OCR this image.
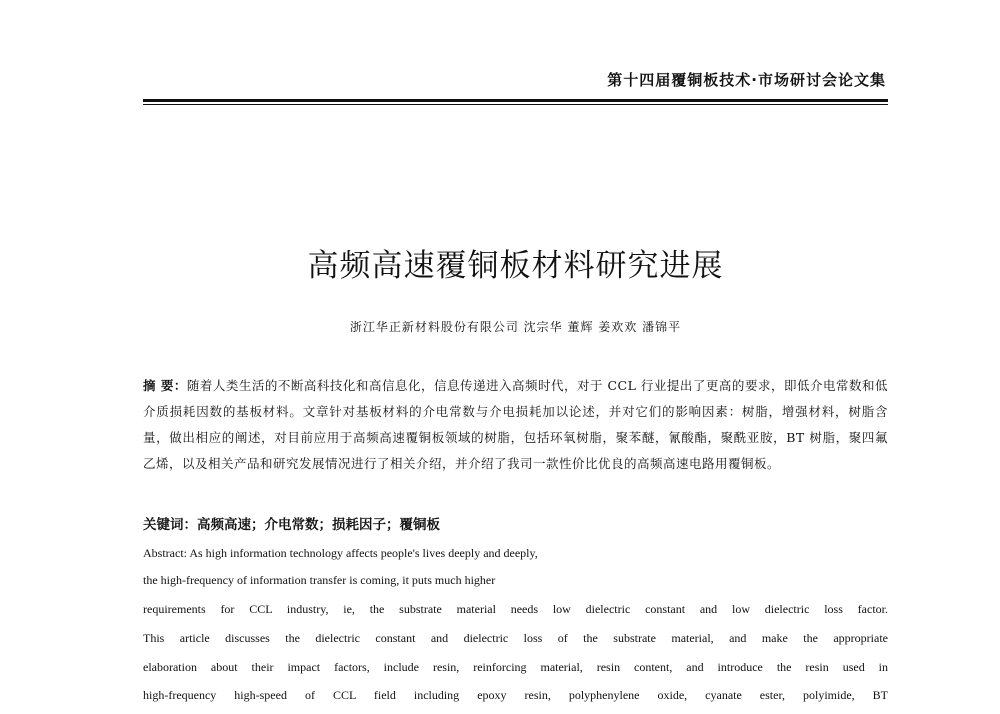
第十四届覆铜板技术·市场研讨会论文集
高频高速覆铜板材料研究进展
浙江华正新材料股份有限公司 沈宗华 董辉 姜欢欢 潘锦平
摘 要：随着人类生活的不断高科技化和高信息化，信息传递进入高频时代，对于 CCL 行业提出了更高的要求，即低介电常数和低介质损耗因数的基板材料。文章针对基板材料的介电常数与介电损耗加以论述，并对它们的影响因素：树脂，增强材料，树脂含量，做出相应的阐述，对目前应用于高频高速覆铜板领域的树脂，包括环氧树脂，聚苯醚，氰酸酯，聚酰亚胺，BT 树脂，聚四氟乙烯，以及相关产品和研究发展情况进行了相关介绍，并介绍了我司一款性价比优良的高频高速电路用覆铜板。
关键词：高频高速；介电常数；损耗因子；覆铜板
Abstract: As high information technology affects people's lives deeply and deeply,
the high-frequency of information transfer is coming, it puts much higher
requirements for CCL industry, ie, the substrate material needs low dielectric constant and low dielectric loss factor.
This article discusses the dielectric constant and dielectric loss of the substrate material, and make the appropriate
elaboration about their impact factors, include resin, reinforcing material, resin content, and introduce the resin used in
high-frequency high-speed of CCL field including epoxy resin, polyphenylene oxide, cyanate ester, polyimide, BT
